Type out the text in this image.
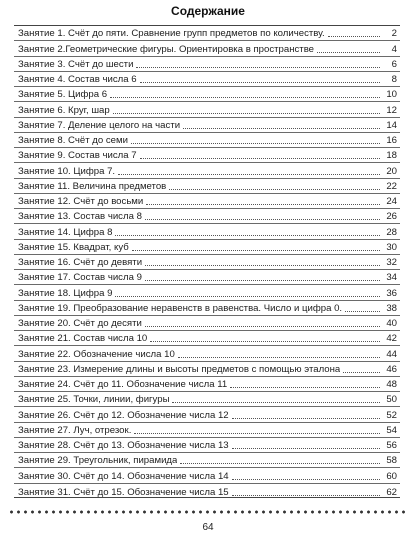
Содержание
Занятие 1. Счёт до пяти. Сравнение групп предметов по количеству.	2
Занятие 2.Геометрические фигуры. Ориентировка в пространстве	4
Занятие 3. Счёт до шести	6
Занятие 4. Состав числа 6	8
Занятие 5. Цифра 6	10
Занятие 6. Круг, шар	12
Занятие 7. Деление целого на части	14
Занятие 8. Счёт до семи	16
Занятие 9. Состав числа 7	18
Занятие 10. Цифра 7.	20
Занятие 11. Величина предметов	22
Занятие 12. Счёт до восьми	24
Занятие 13. Состав числа 8	26
Занятие 14. Цифра 8	28
Занятие 15. Квадрат, куб	30
Занятие 16. Счёт до девяти	32
Занятие 17. Состав числа 9	34
Занятие 18. Цифра 9	36
Занятие 19. Преобразование неравенств в равенства. Число и цифра 0.	38
Занятие 20. Счёт до десяти	40
Занятие 21. Состав числа 10	42
Занятие 22. Обозначение числа 10	44
Занятие 23. Измерение длины и высоты предметов с помощью эталона	46
Занятие 24. Счёт до 11. Обозначение числа 11	48
Занятие 25. Точки, линии, фигуры	50
Занятие 26. Счёт до 12. Обозначение числа 12	52
Занятие 27. Луч, отрезок.	54
Занятие 28. Счёт до 13. Обозначение числа 13	56
Занятие 29. Треугольник, пирамида	58
Занятие 30. Счёт до 14. Обозначение числа 14	60
Занятие 31. Счёт до 15. Обозначение числа 15	62
64
